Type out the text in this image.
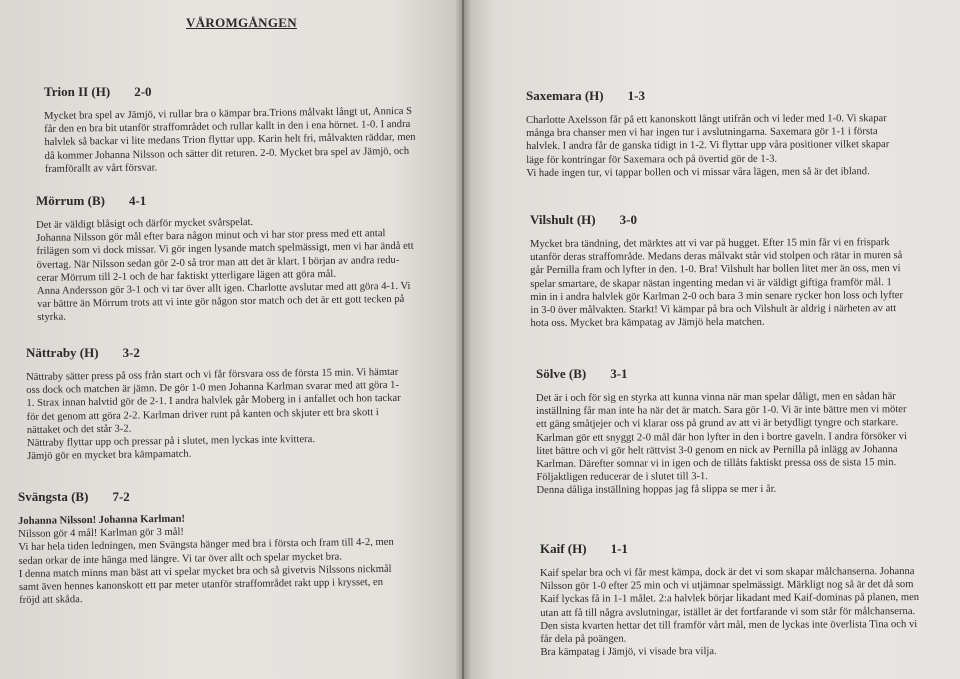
VÅROMGÅNGEN
Trion II (H) 2-0

Mycket bra spel av Jämjö, vi rullar bra o kämpar bra.Trions målvakt långt ut, Annica S

får den en bra bit utanför straffområdet och rullar kallt in den i ena hörnet. 1-0. I andra

halvlek så backar vi lite medans Trion flyttar upp. Karin helt fri, målvakten räddar, men

då kommer Johanna Nilsson och sätter dit returen. 2-0. Mycket bra spel av Jämjö, och

framförallt av vårt försvar.

Mörrum (B) 4-1

Det är väldigt blåsigt och därför mycket svårspelat.

Johanna Nilsson gör mål efter bara någon minut och vi har stor press med ett antal

frilägen som vi dock missar. Vi gör ingen lysande match spelmässigt, men vi har ändå ett

övertag. När Nilsson sedan gör 2-0 så tror man att det är klart. I början av andra redu-

cerar Mörrum till 2-1 och de har faktiskt ytterligare lägen att göra mål.

Anna Andersson gör 3-1 och vi tar över allt igen. Charlotte avslutar med att göra 4-1. Vi

var bättre än Mörrum trots att vi inte gör någon stor match och det är ett gott tecken på

styrka.

Nättraby (H) 3-2

Nättraby sätter press på oss från start och vi får försvara oss de första 15 min. Vi hämtar

oss dock och matchen är jämn. De gör 1-0 men Johanna Karlman svarar med att göra 1-

1. Strax innan halvtid gör de 2-1. I andra halvlek går Moberg in i anfallet och hon tackar

för det genom att göra 2-2. Karlman driver runt på kanten och skjuter ett bra skott i

nättaket och det står 3-2.

Nättraby flyttar upp och pressar på i slutet, men lyckas inte kvittera.

Jämjö gör en mycket bra kämpamatch.

Svängsta (B) 7-2

Johanna Nilsson! Johanna Karlman!

Nilsson gör 4 mål! Karlman gör 3 mål!

Vi har hela tiden ledningen, men Svängsta hänger med bra i första och fram till 4-2, men

sedan orkar de inte hänga med längre. Vi tar över allt och spelar mycket bra.

I denna match minns man bäst att vi spelar mycket bra och så givetvis Nilssons nickmål

samt även hennes kanonskott ett par meter utanför straffområdet rakt upp i krysset, en

fröjd att skåda.

Saxemara (H) 1-3

Charlotte Axelsson får på ett kanonskott långt utifrån och vi leder med 1-0. Vi skapar

många bra chanser men vi har ingen tur i avslutningarna. Saxemara gör 1-1 i första

halvlek. I andra får de ganska tidigt in 1-2. Vi flyttar upp våra positioner vilket skapar

läge för kontringar för Saxemara och på övertid gör de 1-3.

Vi hade ingen tur, vi tappar bollen och vi missar våra lägen, men så är det ibland.

Vilshult (H) 3-0

Mycket bra tändning, det märktes att vi var på hugget. Efter 15 min får vi en frispark

utanför deras straffområde. Medans deras målvakt står vid stolpen och rätar in muren så

går Pernilla fram och lyfter in den. 1-0. Bra! Vilshult har bollen litet mer än oss, men vi

spelar smartare, de skapar nästan ingenting medan vi är väldigt giftiga framför mål. 1

min in i andra halvlek gör Karlman 2-0 och bara 3 min senare rycker hon loss och lyfter

in 3-0 över målvakten. Starkt! Vi kämpar på bra och Vilshult är aldrig i närheten av att

hota oss. Mycket bra kämpatag av Jämjö hela matchen.

Sölve (B) 3-1

Det är i och för sig en styrka att kunna vinna när man spelar dåligt, men en sådan här

inställning får man inte ha när det är match. Sara gör 1-0. Vi är inte bättre men vi möter

ett gäng småtjejer och vi klarar oss på grund av att vi är betydligt tyngre och starkare.

Karlman gör ett snyggt 2-0 mål där hon lyfter in den i bortre gaveln. I andra försöker vi

litet bättre och vi gör helt rättvist 3-0 genom en nick av Pernilla på inlägg av Johanna

Karlman. Därefter somnar vi in igen och de tillåts faktiskt pressa oss de sista 15 min.

Följaktligen reducerar de i slutet till 3-1.

Denna dåliga inställning hoppas jag få slippa se mer i år.

Kaif (H) 1-1

Kaif spelar bra och vi får mest kämpa, dock är det vi som skapar målchanserna. Johanna

Nilsson gör 1-0 efter 25 min och vi utjämnar spelmässigt. Märkligt nog så är det då som

Kaif lyckas få in 1-1 målet. 2:a halvlek börjar likadant med Kaif-dominas på planen, men

utan att få till några avslutningar, istället är det fortfarande vi som står för målchanserna.

Den sista kvarten hettar det till framför vårt mål, men de lyckas inte överlista Tina och vi

får dela på poängen.

Bra kämpatag i Jämjö, vi visade bra vilja.
